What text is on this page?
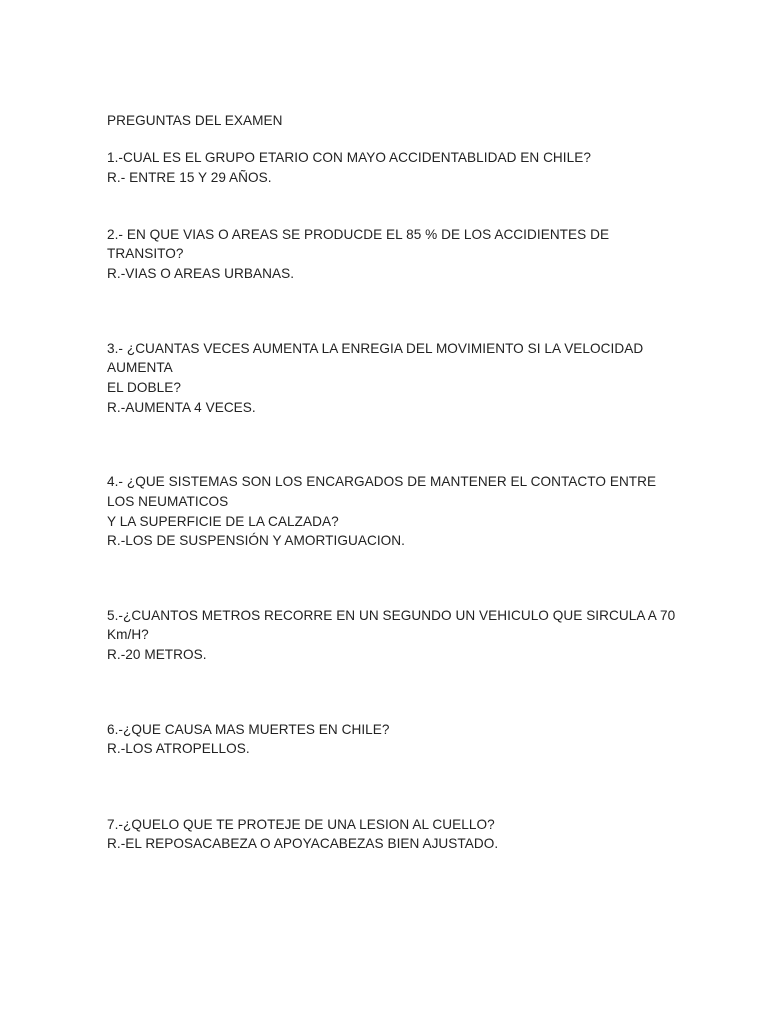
PREGUNTAS DEL EXAMEN
1.-CUAL ES EL GRUPO ETARIO CON MAYO ACCIDENTABLIDAD EN CHILE?
R.- ENTRE 15 Y 29 AÑOS.
2.- EN QUE VIAS O AREAS SE PRODUCDE EL 85 % DE LOS ACCIDIENTES DE
TRANSITO?
R.-VIAS O AREAS URBANAS.
3.- ¿CUANTAS VECES AUMENTA LA ENREGIA DEL MOVIMIENTO SI LA VELOCIDAD
AUMENTA
EL DOBLE?
R.-AUMENTA 4 VECES.
4.- ¿QUE SISTEMAS SON LOS ENCARGADOS DE MANTENER EL CONTACTO ENTRE
LOS NEUMATICOS
Y LA SUPERFICIE DE LA CALZADA?
R.-LOS DE SUSPENSIÓN Y AMORTIGUACION.
5.-¿CUANTOS METROS RECORRE EN UN SEGUNDO UN VEHICULO QUE SIRCULA A 70
Km/H?
R.-20 METROS.
6.-¿QUE CAUSA MAS MUERTES EN CHILE?
R.-LOS ATROPELLOS.
7.-¿QUELO QUE TE PROTEJE DE UNA LESION AL CUELLO?
R.-EL REPOSACABEZA O APOYACABEZAS BIEN AJUSTADO.
